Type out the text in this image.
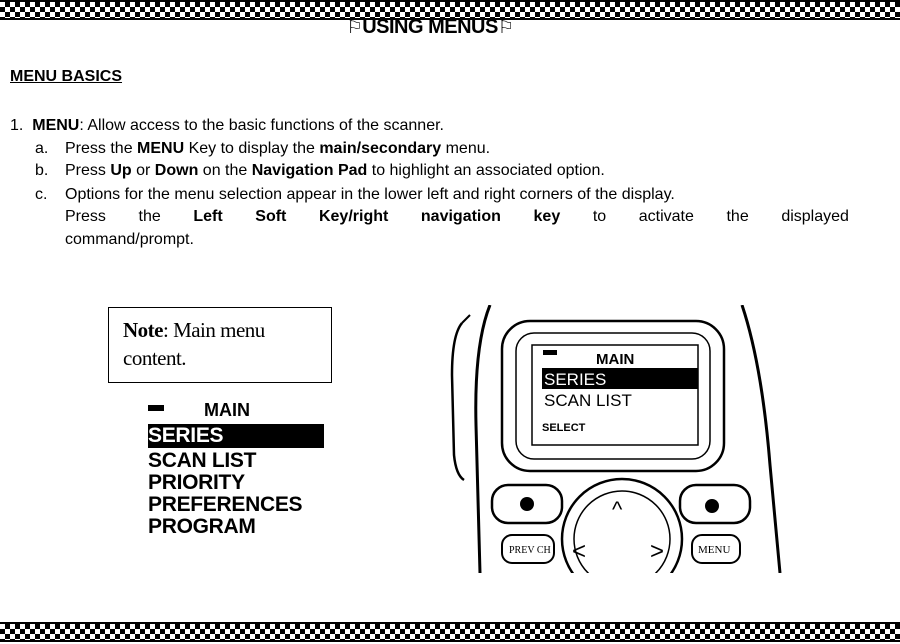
⚐USING MENUS⚐
MENU BASICS
1. MENU: Allow access to the basic functions of the scanner.
a. Press the MENU Key to display the main/secondary menu.
b. Press Up or Down on the Navigation Pad to highlight an associated option.
c. Options for the menu selection appear in the lower left and right corners of the display.
Press the Left Soft Key/right navigation key to activate the displayed
command/prompt.
Note: Main menu
content.
MAIN
SERIES
SCAN LIST
PRIORITY
PREFERENCES
PROGRAM
MAIN
SERIES
SCAN LIST
SELECT
^
<	>
PREV CH	MENU
